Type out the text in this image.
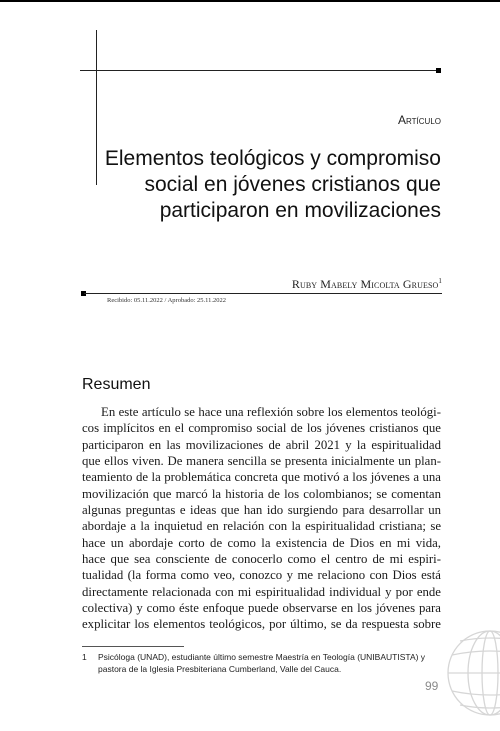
Artículo

Elementos teológicos y compromiso
social en jóvenes cristianos que
participaron en movilizaciones

Ruby Mabely Micolta Grueso$^1$

Recibido: 05.11.2022 / Aprobado: 25.11.2022

Resumen

En este artículo se hace una reflexión sobre los elementos teológi-
cos implícitos en el compromiso social de los jóvenes cristianos que
participaron en las movilizaciones de abril 2021 y la espiritualidad
que ellos viven. De manera sencilla se presenta inicialmente un plan-
teamiento de la problemática concreta que motivó a los jóvenes a una
movilización que marcó la historia de los colombianos; se comentan
algunas preguntas e ideas que han ido surgiendo para desarrollar un
abordaje a la inquietud en relación con la espiritualidad cristiana; se
hace un abordaje corto de como la existencia de Dios en mi vida,
hace que sea consciente de conocerlo como el centro de mi espiri-
tualidad (la forma como veo, conozco y me relaciono con Dios está
directamente relacionada con mi espiritualidad individual y por ende
colectiva) y como éste enfoque puede observarse en los jóvenes para
explicitar los elementos teológicos, por último, se da respuesta sobre

1	Psicóloga (UNAD), estudiante último semestre Maestría en Teología (UNIBAUTISTA) y pastora de la Iglesia Presbiteriana Cumberland, Valle del Cauca.

99
